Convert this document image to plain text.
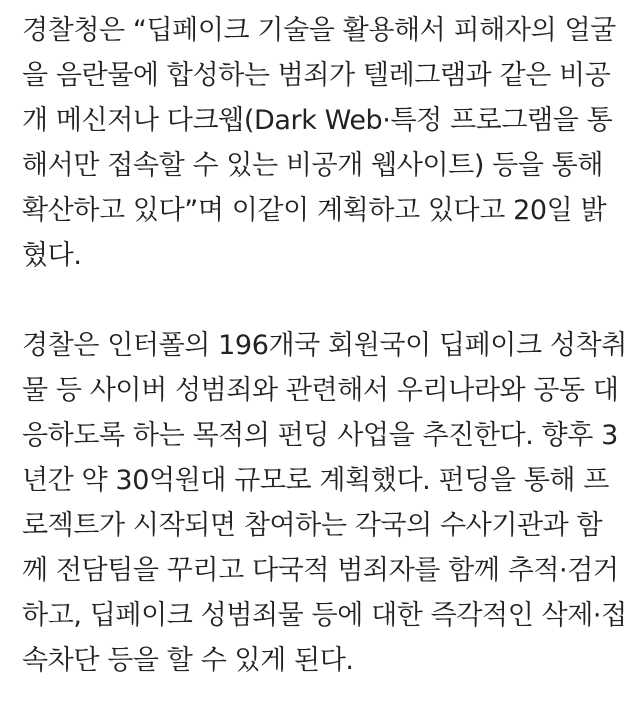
경찰청은 “딥페이크 기술을 활용해서 피해자의 얼굴
을 음란물에 합성하는 범죄가 텔레그램과 같은 비공
개 메신저나 다크웹(Dark Web·특정 프로그램을 통
해서만 접속할 수 있는 비공개 웹사이트) 등을 통해
확산하고 있다”며 이같이 계획하고 있다고 20일 밝
혔다.

경찰은 인터폴의 196개국 회원국이 딥페이크 성착취
물 등 사이버 성범죄와 관련해서 우리나라와 공동 대
응하도록 하는 목적의 펀딩 사업을 추진한다. 향후 3
년간 약 30억원대 규모로 계획했다. 펀딩을 통해 프
로젝트가 시작되면 참여하는 각국의 수사기관과 함
께 전담팀을 꾸리고 다국적 범죄자를 함께 추적·검거
하고, 딥페이크 성범죄물 등에 대한 즉각적인 삭제·접
속차단 등을 할 수 있게 된다.
